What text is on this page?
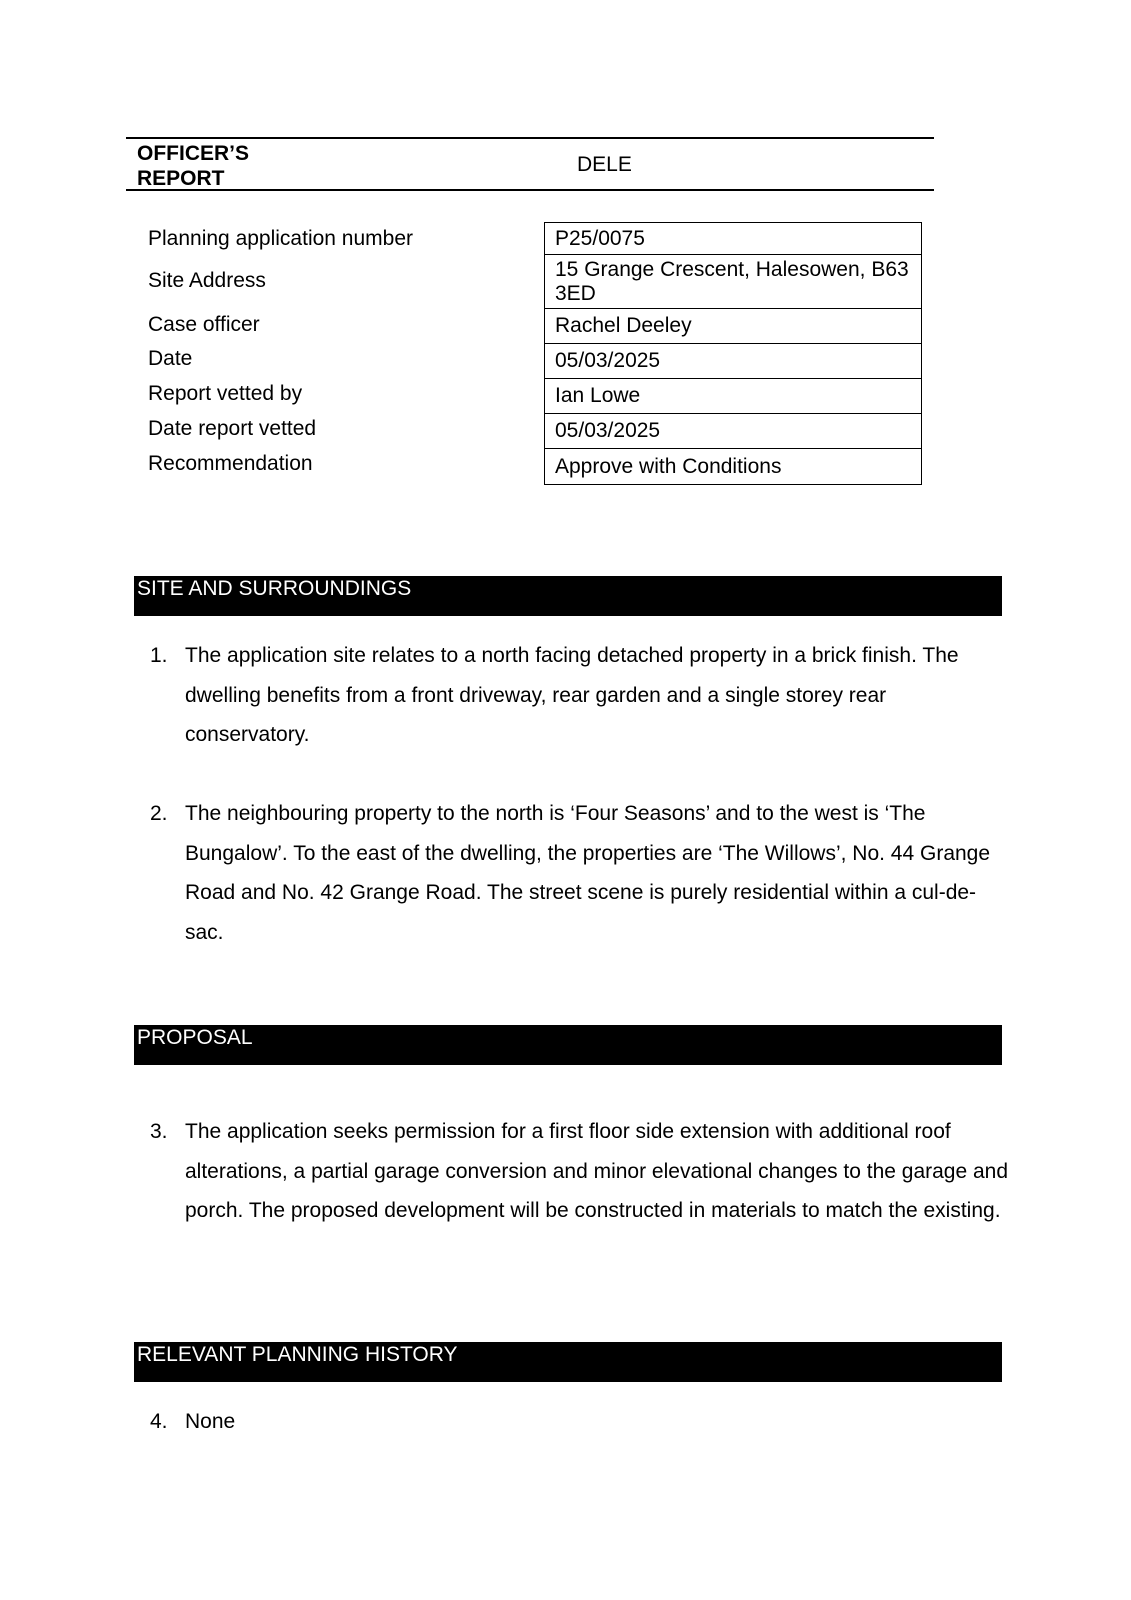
OFFICER’S
REPORT
DELE
Planning application number
Site Address
Case officer
Date
Report vetted by
Date report vetted
Recommendation
P25/0075
15 Grange Crescent, Halesowen, B63 3ED
Rachel Deeley
05/03/2025
Ian Lowe
05/03/2025
Approve with Conditions
SITE AND SURROUNDINGS
1. The application site relates to a north facing detached property in a brick finish. The dwelling benefits from a front driveway, rear garden and a single storey rear conservatory.
2. The neighbouring property to the north is ‘Four Seasons’ and to the west is ‘The Bungalow’. To the east of the dwelling, the properties are ‘The Willows’, No. 44 Grange Road and No. 42 Grange Road. The street scene is purely residential within a cul-de-sac.
PROPOSAL
3. The application seeks permission for a first floor side extension with additional roof alterations, a partial garage conversion and minor elevational changes to the garage and porch. The proposed development will be constructed in materials to match the existing.
RELEVANT PLANNING HISTORY
4. None
